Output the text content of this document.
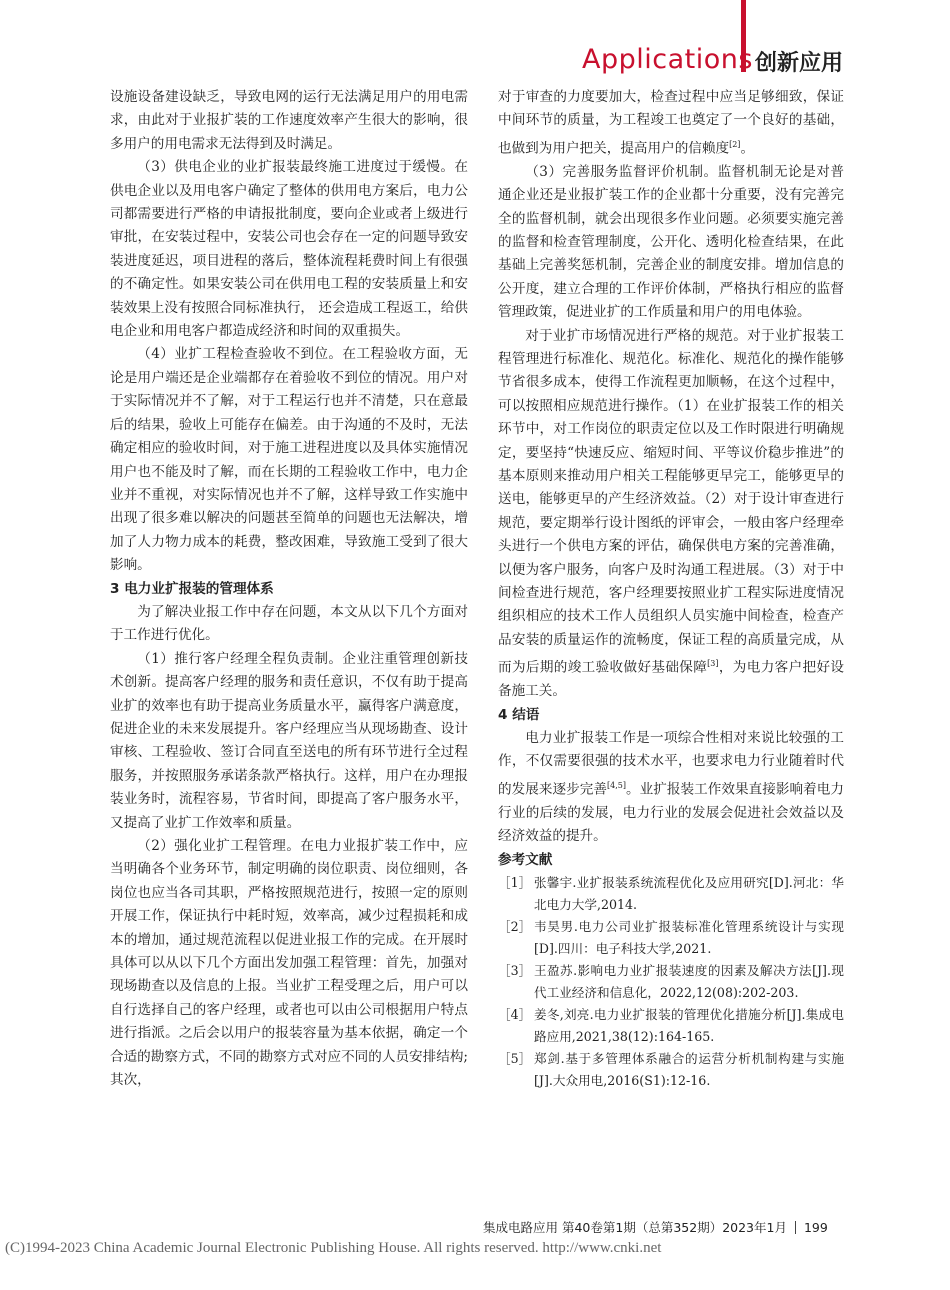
Applications 创新应用

设施设备建设缺乏，导致电网的运行无法满足用户的用电需求，由此对于业报扩装的工作速度效率产生很大的影响，很多用户的用电需求无法得到及时满足。

（3）供电企业的业扩报装最终施工进度过于缓慢。在供电企业以及用电客户确定了整体的供用电方案后，电力公司都需要进行严格的申请报批制度，要向企业或者上级进行审批，在安装过程中，安装公司也会存在一定的问题导致安装进度延迟，项目进程的落后，整体流程耗费时间上有很强的不确定性。如果安装公司在供用电工程的安装质量上和安装效果上没有按照合同标准执行， 还会造成工程返工，给供电企业和用电客户都造成经济和时间的双重损失。

（4）业扩工程检查验收不到位。在工程验收方面，无论是用户端还是企业端都存在着验收不到位的情况。用户对于实际情况并不了解，对于工程运行也并不清楚，只在意最后的结果，验收上可能存在偏差。由于沟通的不及时，无法确定相应的验收时间，对于施工进程进度以及具体实施情况用户也不能及时了解，而在长期的工程验收工作中，电力企业并不重视，对实际情况也并不了解，这样导致工作实施中出现了很多难以解决的问题甚至简单的问题也无法解决，增加了人力物力成本的耗费，整改困难，导致施工受到了很大影响。

3 电力业扩报装的管理体系

为了解决业报工作中存在问题，本文从以下几个方面对于工作进行优化。

（1）推行客户经理全程负责制。企业注重管理创新技术创新。提高客户经理的服务和责任意识，不仅有助于提高业扩的效率也有助于提高业务质量水平，赢得客户满意度，促进企业的未来发展提升。客户经理应当从现场勘查、设计审核、工程验收、签订合同直至送电的所有环节进行全过程服务，并按照服务承诺条款严格执行。这样，用户在办理报装业务时，流程容易，节省时间，即提高了客户服务水平，又提高了业扩工作效率和质量。

（2）强化业扩工程管理。在电力业报扩装工作中，应当明确各个业务环节，制定明确的岗位职责、岗位细则，各岗位也应当各司其职，严格按照规范进行，按照一定的原则开展工作，保证执行中耗时短，效率高，减少过程损耗和成本的增加，通过规范流程以促进业报工作的完成。在开展时具体可以从以下几个方面出发加强工程管理：首先，加强对现场勘查以及信息的上报。当业扩工程受理之后，用户可以自行选择自己的客户经理，或者也可以由公司根据用户特点进行指派。之后会以用户的报装容量为基本依据，确定一个合适的勘察方式，不同的勘察方式对应不同的人员安排结构;其次，

对于审查的力度要加大，检查过程中应当足够细致，保证中间环节的质量，为工程竣工也奠定了一个良好的基础，也做到为用户把关，提高用户的信赖度[2]。

（3）完善服务监督评价机制。监督机制无论是对普通企业还是业报扩装工作的企业都十分重要，没有完善完全的监督机制，就会出现很多作业问题。必须要实施完善的监督和检查管理制度，公开化、透明化检查结果，在此基础上完善奖惩机制，完善企业的制度安排。增加信息的公开度，建立合理的工作评价体制，严格执行相应的监督管理政策，促进业扩的工作质量和用户的用电体验。

对于业扩市场情况进行严格的规范。对于业扩报装工程管理进行标准化、规范化。标准化、规范化的操作能够节省很多成本，使得工作流程更加顺畅，在这个过程中，可以按照相应规范进行操作。（1）在业扩报装工作的相关环节中，对工作岗位的职责定位以及工作时限进行明确规定，要坚持“快速反应、缩短时间、平等议价稳步推进”的基本原则来推动用户相关工程能够更早完工，能够更早的送电，能够更早的产生经济效益。（2）对于设计审查进行规范，要定期举行设计图纸的评审会，一般由客户经理牵头进行一个供电方案的评估，确保供电方案的完善准确，以便为客户服务，向客户及时沟通工程进展。（3）对于中间检查进行规范，客户经理要按照业扩工程实际进度情况组织相应的技术工作人员组织人员实施中间检查，检查产品安装的质量运作的流畅度，保证工程的高质量完成，从而为后期的竣工验收做好基础保障[3]，为电力客户把好设备施工关。

4 结语

电力业扩报装工作是一项综合性相对来说比较强的工作，不仅需要很强的技术水平，也要求电力行业随着时代的发展来逐步完善[4,5]。业扩报装工作效果直接影响着电力行业的后续的发展，电力行业的发展会促进社会效益以及经济效益的提升。

参考文献
［1］ 张馨宇.业扩报装系统流程优化及应用研究[D].河北：华北电力大学,2014.
［2］ 韦昊男.电力公司业扩报装标准化管理系统设计与实现[D].四川：电子科技大学,2021.
［3］ 王盈苏.影响电力业扩报装速度的因素及解决方法[J].现代工业经济和信息化，2022,12(08):202-203.
［4］ 姜冬,刘亮.电力业扩报装的管理优化措施分析[J].集成电路应用,2021,38(12):164-165.
［5］ 郑剑.基于多管理体系融合的运营分析机制构建与实施[J].大众用电,2016(S1):12-16.
集成电路应用 第40卷第1期（总第352期）2023年1月 199
(C)1994-2023 China Academic Journal Electronic Publishing House. All rights reserved. http://www.cnki.net
